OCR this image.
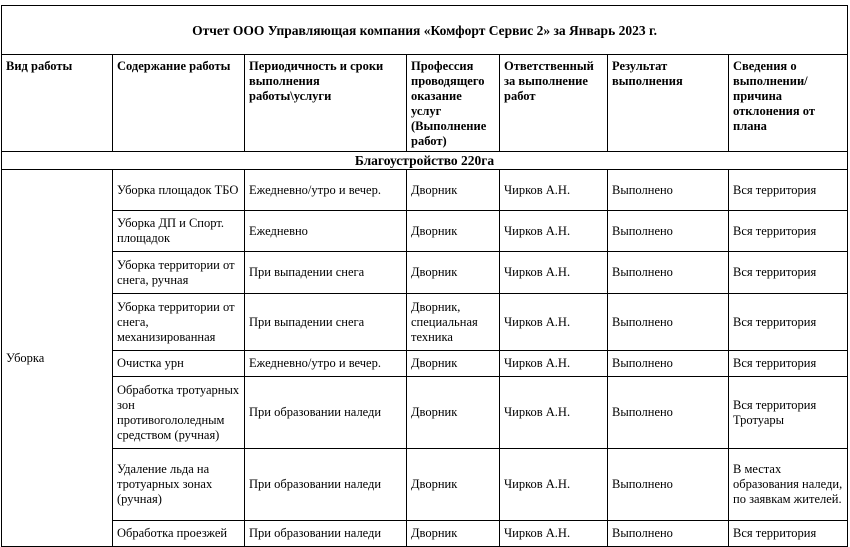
Отчет ООО Управляющая компания «Комфорт Сервис 2» за Январь 2023 г.						
Вид работы	Содержание работы	Периодичность и сроки выполнения работы\услуги	Профессия проводящего оказание услуг (Выполнение работ)	Ответственный за выполнение работ	Результат выполнения	Сведения о выполнении/ причина отклонения от плана
Благоустройство 220га						
Уборка	Уборка площадок ТБО	Ежедневно/утро и вечер.	Дворник	Чирков А.Н.	Выполнено	Вся территория
	Уборка ДП и Спорт. площадок	Ежедневно	Дворник	Чирков А.Н.	Выполнено	Вся территория
	Уборка территории от снега, ручная	При выпадении снега	Дворник	Чирков А.Н.	Выполнено	Вся территория
	Уборка территории от снега, механизированная	При выпадении снега	Дворник, специальная техника	Чирков А.Н.	Выполнено	Вся территория
	Очистка урн	Ежедневно/утро и вечер.	Дворник	Чирков А.Н.	Выполнено	Вся территория
	Обработка тротуарных зон противогололедным средством (ручная)	При образовании наледи	Дворник	Чирков А.Н.	Выполнено	Вся территория Тротуары
	Удаление льда на тротуарных зонах (ручная)	При образовании наледи	Дворник	Чирков А.Н.	Выполнено	В местах образования наледи, по заявкам жителей.
	Обработка проезжей	При образовании наледи	Дворник	Чирков А.Н.	Выполнено	Вся территория
